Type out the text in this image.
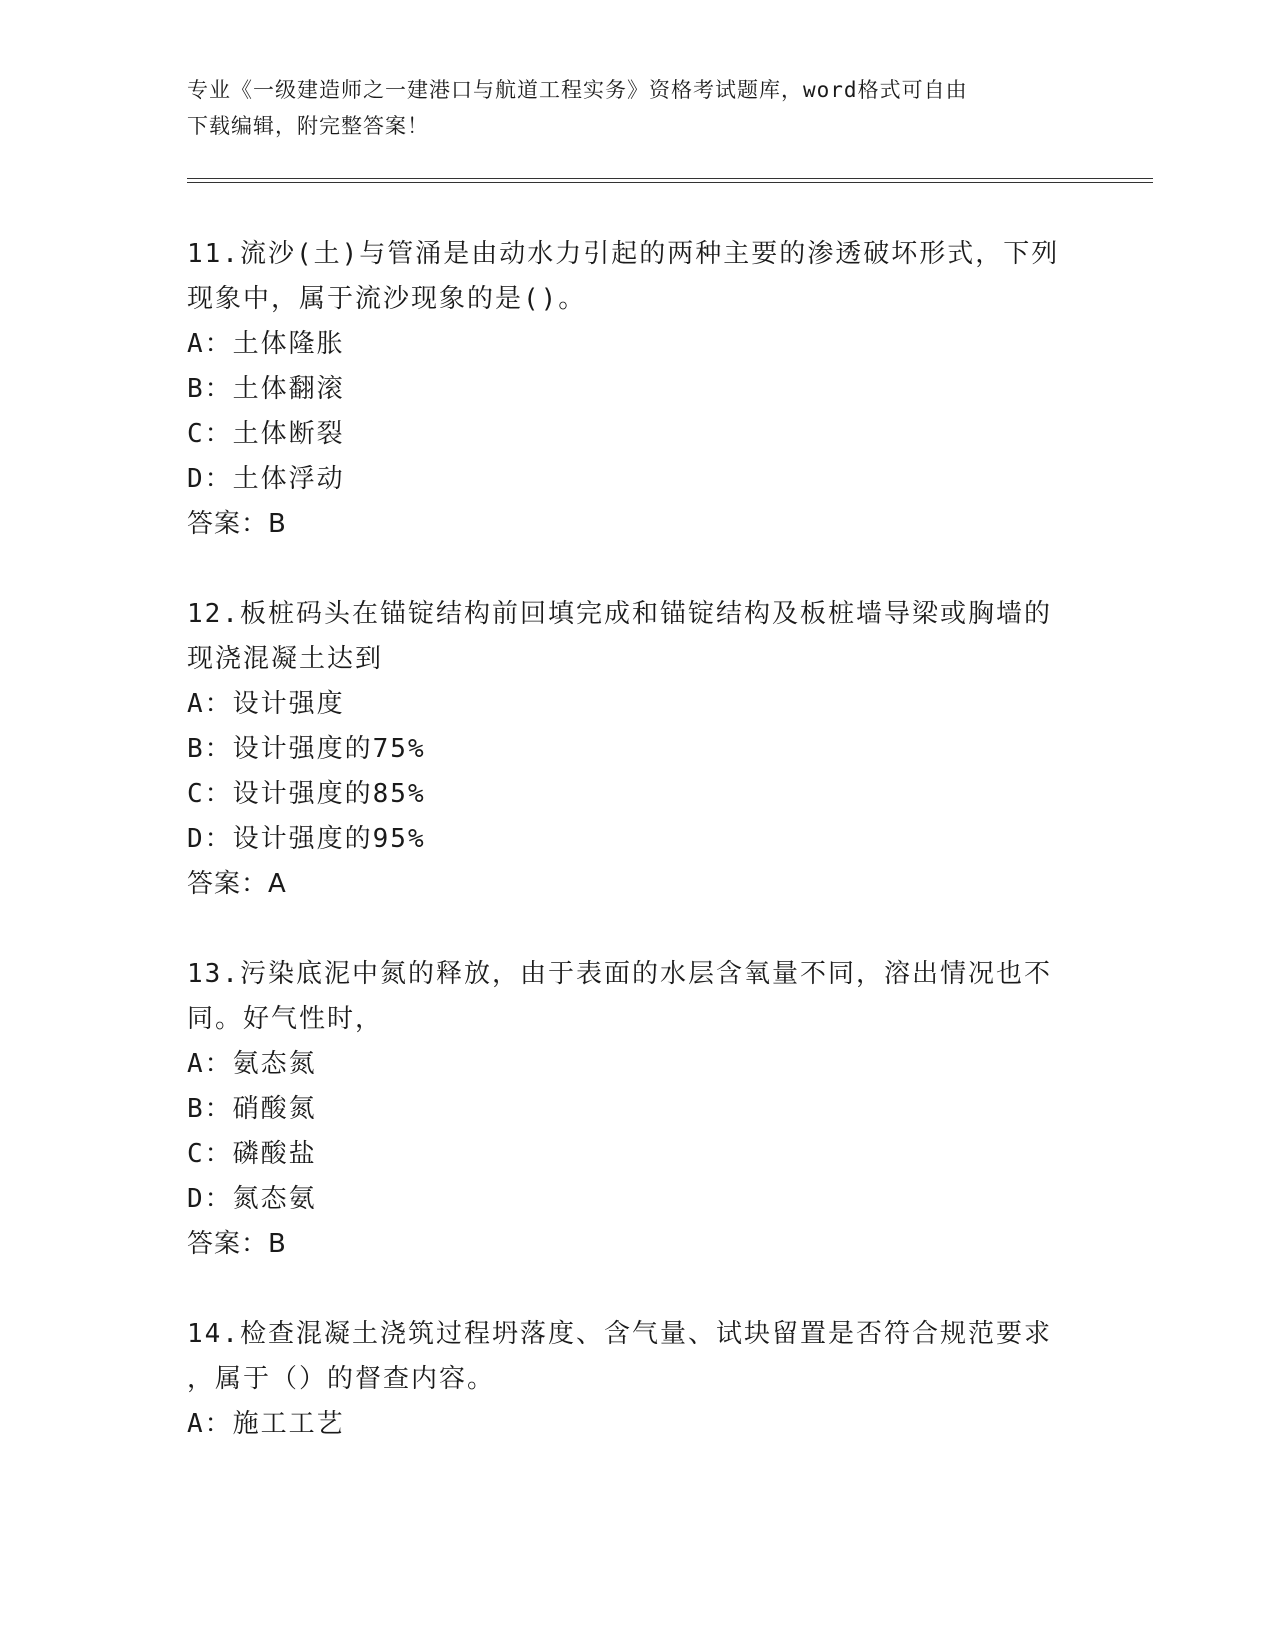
专业《一级建造师之一建港口与航道工程实务》资格考试题库，word格式可自由
下载编辑，附完整答案！
11.流沙(土)与管涌是由动水力引起的两种主要的渗透破坏形式，下列
现象中，属于流沙现象的是()。
A：土体隆胀
B：土体翻滚
C：土体断裂
D：土体浮动
答案：B
12.板桩码头在锚锭结构前回填完成和锚锭结构及板桩墙导梁或胸墙的
现浇混凝土达到
A：设计强度
B：设计强度的75%
C：设计强度的85%
D：设计强度的95%
答案：A
13.污染底泥中氮的释放，由于表面的水层含氧量不同，溶出情况也不
同。好气性时，
A：氨态氮
B：硝酸氮
C：磷酸盐
D：氮态氨
答案：B
14.检查混凝土浇筑过程坍落度、含气量、试块留置是否符合规范要求
，属于（）的督查内容。
A：施工工艺
